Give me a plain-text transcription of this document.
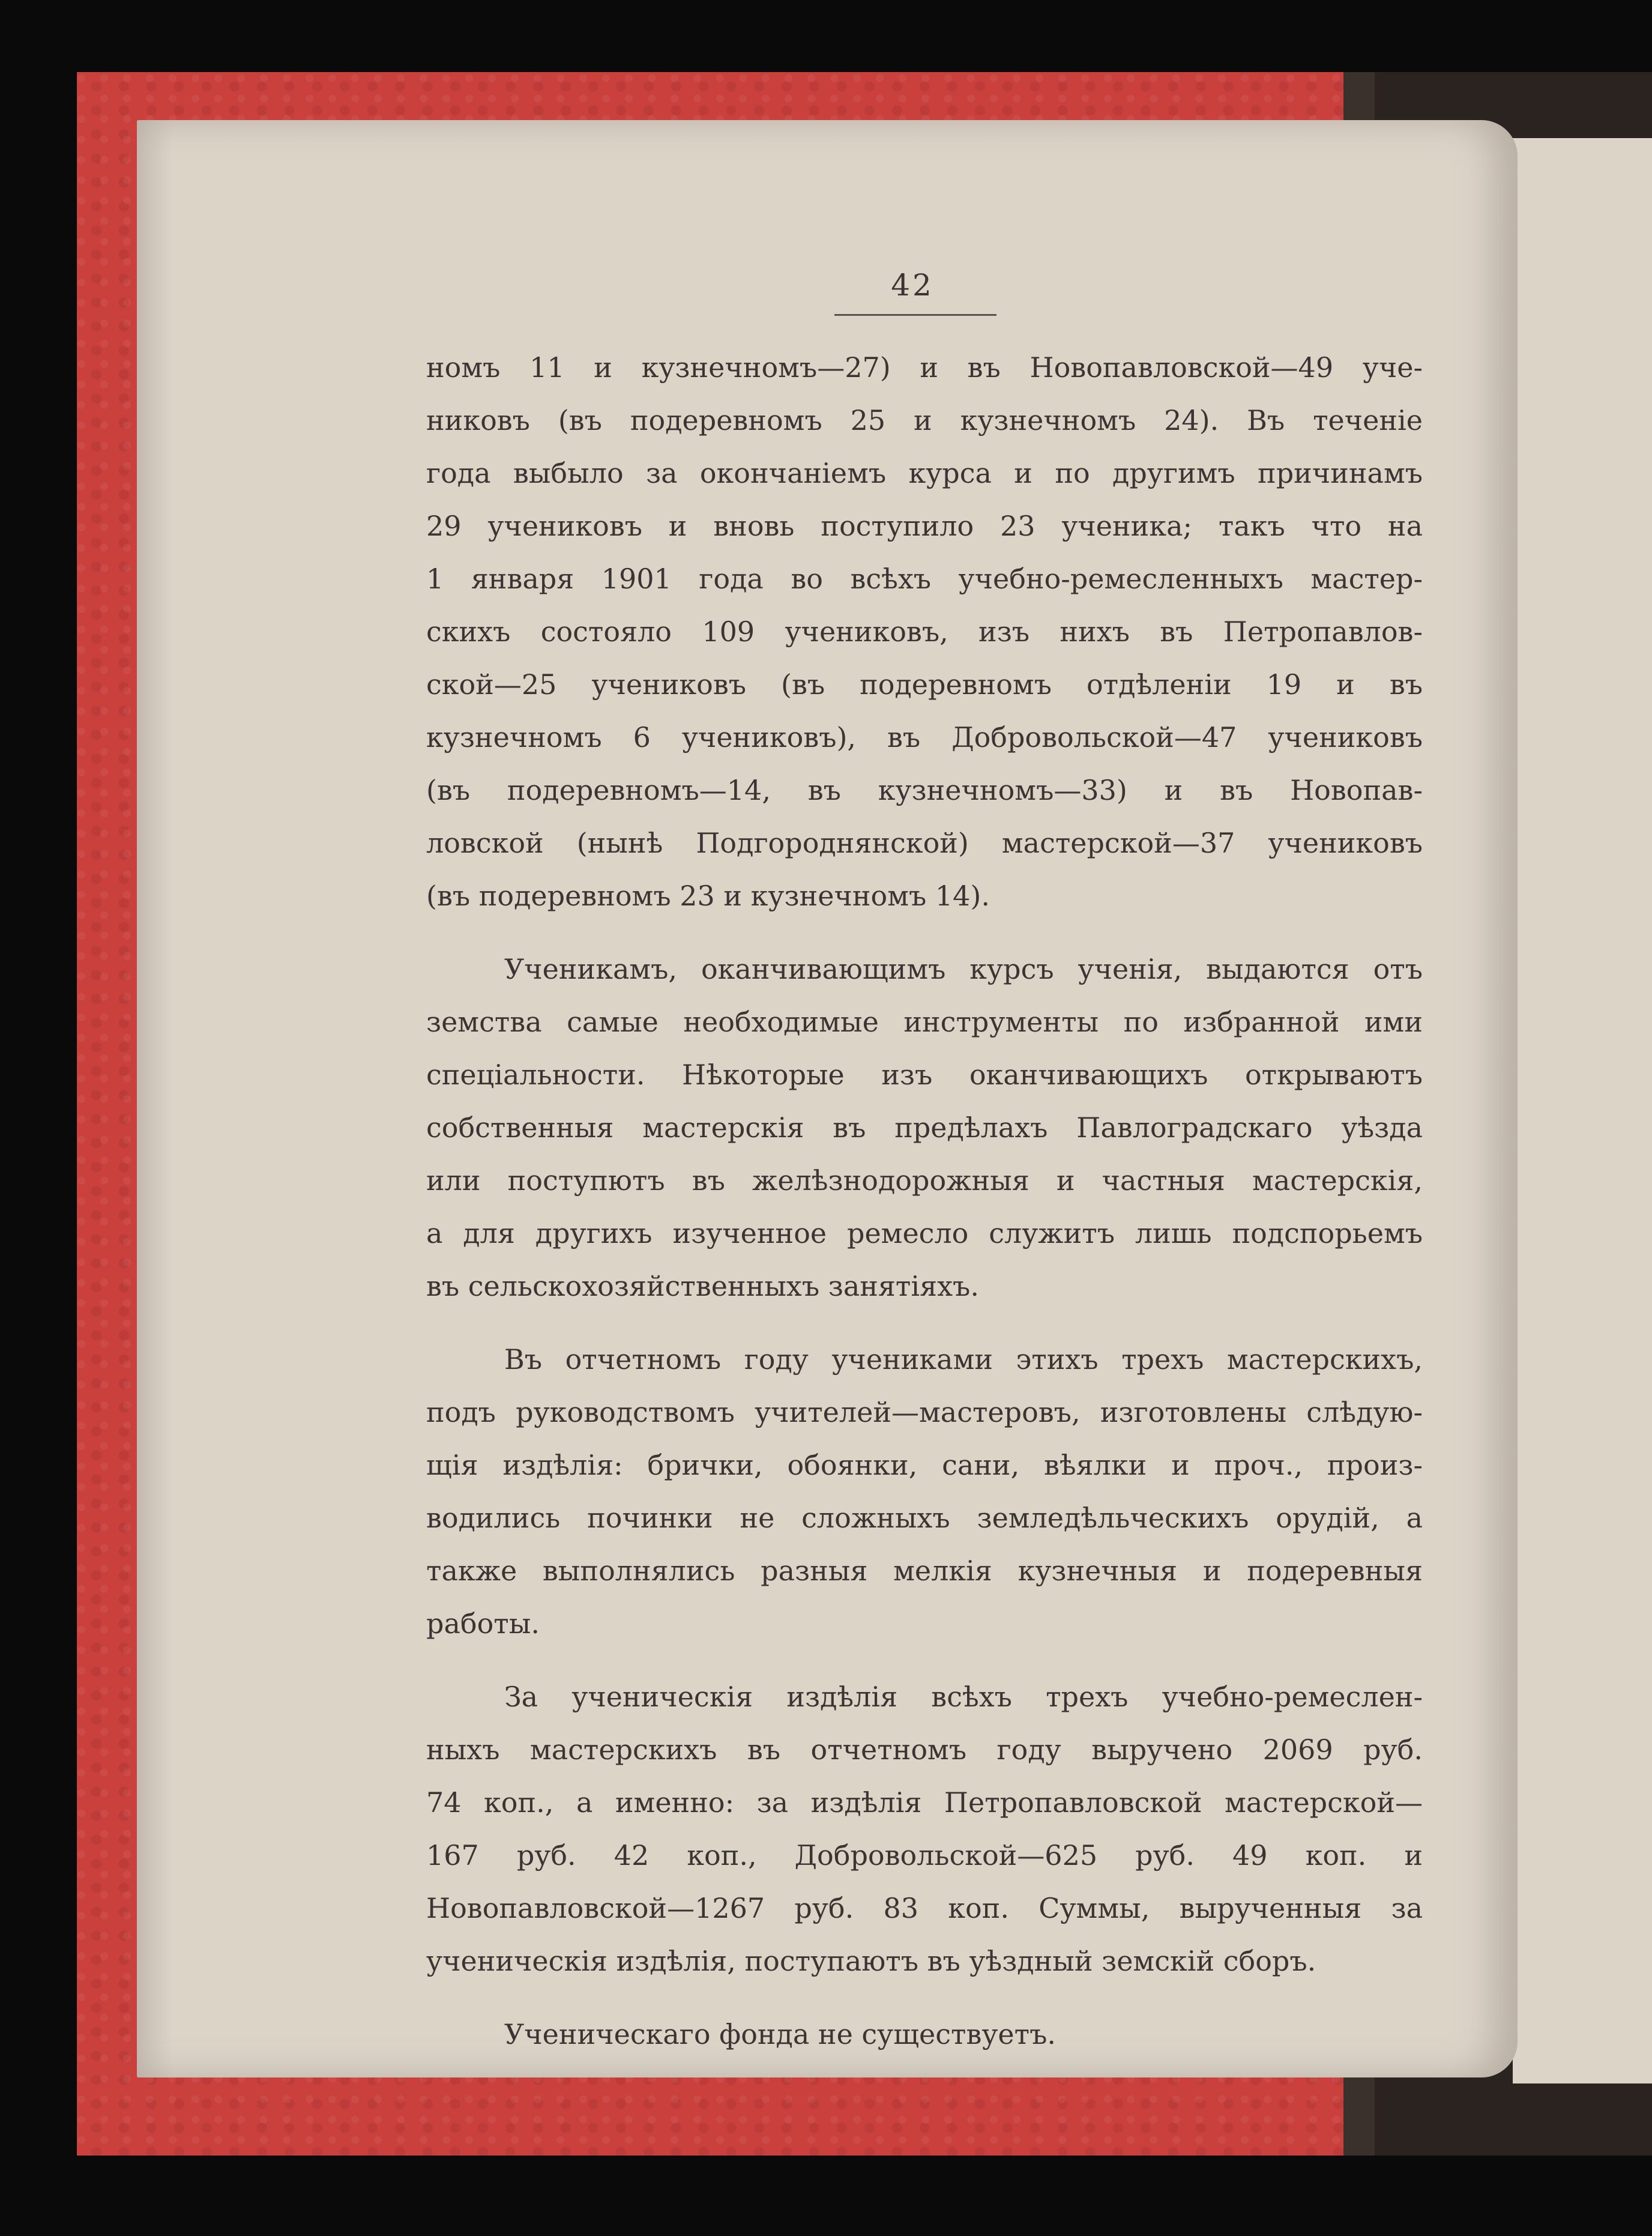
42
номъ 11 и кузнечномъ—27) и въ Новопавловской—49 уче-
никовъ (въ подеревномъ 25 и кузнечномъ 24). Въ теченіе
года выбыло за окончаніемъ курса и по другимъ причинамъ
29 учениковъ и вновь поступило 23 ученика; такъ что на
1 января 1901 года во всѣхъ учебно-ремесленныхъ мастер-
скихъ состояло 109 учениковъ, изъ нихъ въ Петропавлов-
ской—25 учениковъ (въ подеревномъ отдѣленіи 19 и въ
кузнечномъ 6 учениковъ), въ Добровольской—47 учениковъ
(въ подеревномъ—14, въ кузнечномъ—33) и въ Новопав-
ловской (нынѣ Подгороднянской) мастерской—37 учениковъ
(въ подеревномъ 23 и кузнечномъ 14).
Ученикамъ, оканчивающимъ курсъ ученія, выдаются отъ
земства самые необходимые инструменты по избранной ими
спеціальности. Нѣкоторые изъ оканчивающихъ открываютъ
собственныя мастерскія въ предѣлахъ Павлоградскаго уѣзда
или поступютъ въ желѣзнодорожныя и частныя мастерскія,
а для другихъ изученное ремесло служитъ лишь подспорьемъ
въ сельскохозяйственныхъ занятіяхъ.
Въ отчетномъ году учениками этихъ трехъ мастерскихъ,
подъ руководствомъ учителей—мастеровъ, изготовлены слѣдую-
щія издѣлія: брички, обоянки, сани, вѣялки и проч., произ-
водились починки не сложныхъ земледѣльческихъ орудій, а
также выполнялись разныя мелкія кузнечныя и подеревныя
работы.
За ученическія издѣлія всѣхъ трехъ учебно-ремеслен-
ныхъ мастерскихъ въ отчетномъ году выручено 2069 руб.
74 коп., а именно: за издѣлія Петропавловской мастерской—
167 руб. 42 коп., Добровольской—625 руб. 49 коп. и
Новопавловской—1267 руб. 83 коп. Суммы, вырученныя за
ученическія издѣлія, поступаютъ въ уѣздный земскій сборъ.
Ученическаго фонда не существуетъ.
